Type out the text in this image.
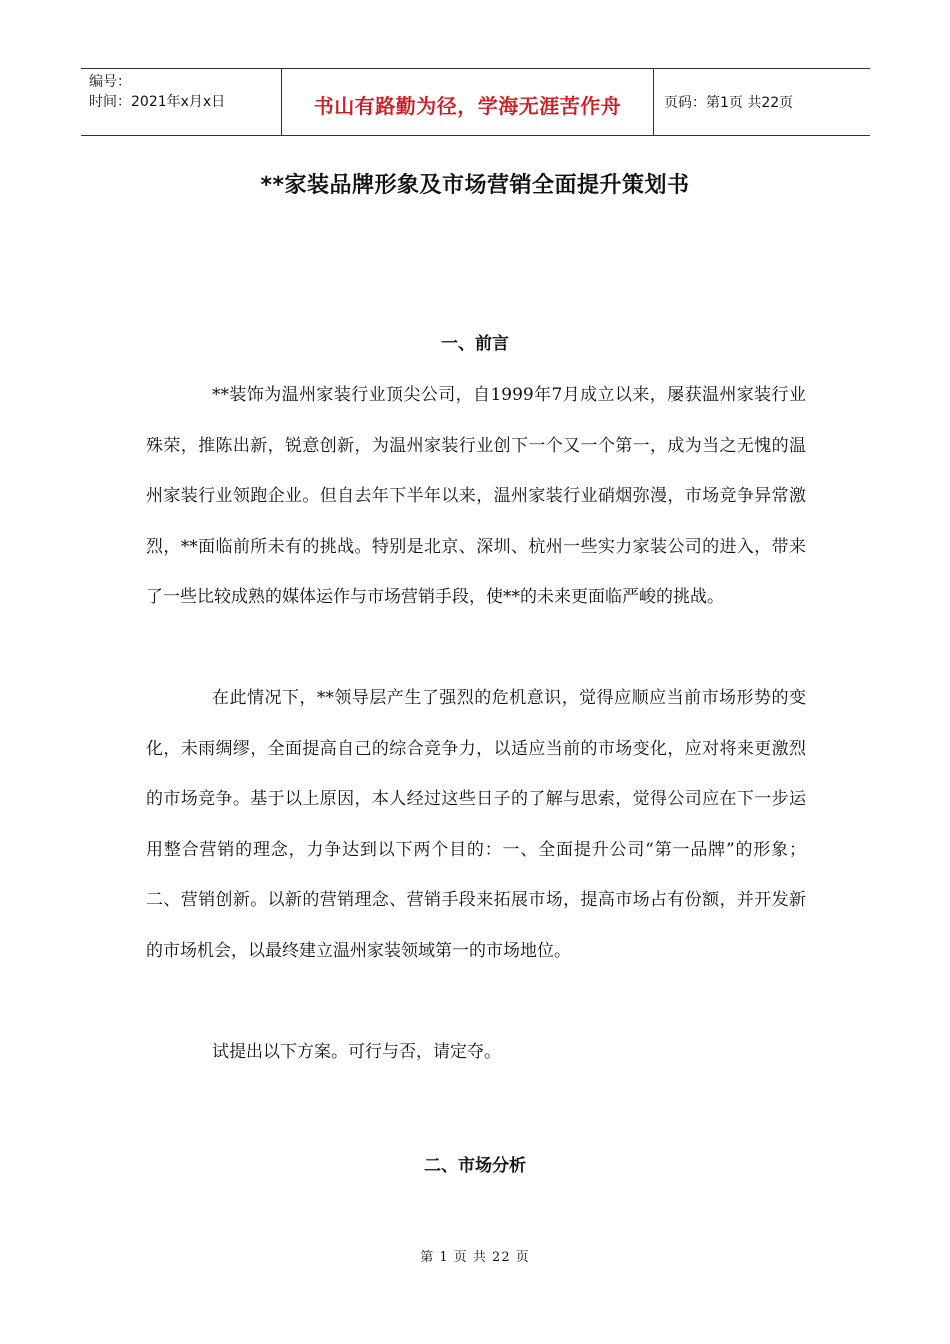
编号：
时间：2021年x月x日	书山有路勤为径，学海无涯苦作舟	页码：第1页 共22页
**家装品牌形象及市场营销全面提升策划书
一、前言

**装饰为温州家装行业顶尖公司，自1999年7月成立以来，屡获温州家装行业殊荣，推陈出新，锐意创新，为温州家装行业创下一个又一个第一，成为当之无愧的温州家装行业领跑企业。但自去年下半年以来，温州家装行业硝烟弥漫，市场竞争异常激烈，**面临前所未有的挑战。特别是北京、深圳、杭州一些实力家装公司的进入，带来了一些比较成熟的媒体运作与市场营销手段，使**的未来更面临严峻的挑战。

在此情况下，**领导层产生了强烈的危机意识，觉得应顺应当前市场形势的变化，未雨绸缪，全面提高自己的综合竞争力，以适应当前的市场变化，应对将来更激烈的市场竞争。基于以上原因，本人经过这些日子的了解与思索，觉得公司应在下一步运用整合营销的理念，力争达到以下两个目的：一、全面提升公司“第一品牌”的形象；二、营销创新。以新的营销理念、营销手段来拓展市场，提高市场占有份额，并开发新的市场机会，以最终建立温州家装领域第一的市场地位。

试提出以下方案。可行与否，请定夺。

二、市场分析
第 1 页 共 22 页
